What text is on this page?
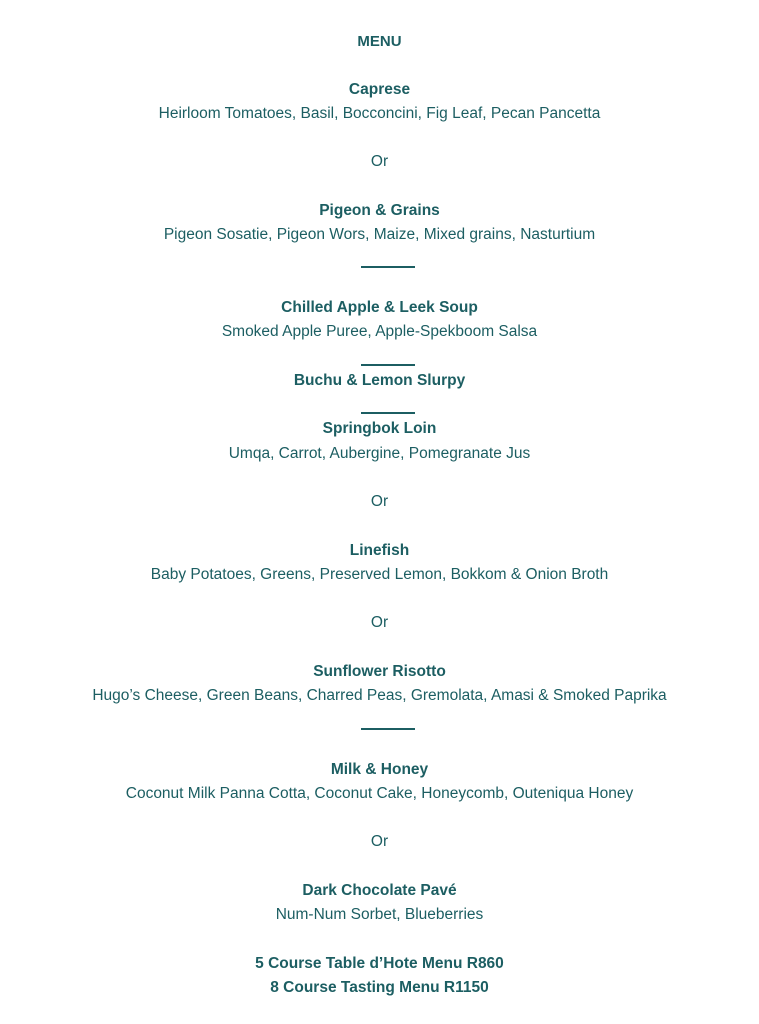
MENU
Caprese
Heirloom Tomatoes, Basil, Bocconcini, Fig Leaf, Pecan Pancetta
Or
Pigeon & Grains
Pigeon Sosatie, Pigeon Wors, Maize, Mixed grains, Nasturtium
Chilled Apple & Leek Soup
Smoked Apple Puree, Apple-Spekboom Salsa
Buchu & Lemon Slurpy
Springbok Loin
Umqa, Carrot, Aubergine, Pomegranate Jus
Or
Linefish
Baby Potatoes, Greens, Preserved Lemon, Bokkom & Onion Broth
Or
Sunflower Risotto
Hugo’s Cheese, Green Beans, Charred Peas, Gremolata, Amasi & Smoked Paprika
Milk & Honey
Coconut Milk Panna Cotta, Coconut Cake, Honeycomb, Outeniqua Honey
Or
Dark Chocolate Pavé
Num-Num Sorbet, Blueberries
5 Course Table d’Hote Menu R860
8 Course Tasting Menu R1150
